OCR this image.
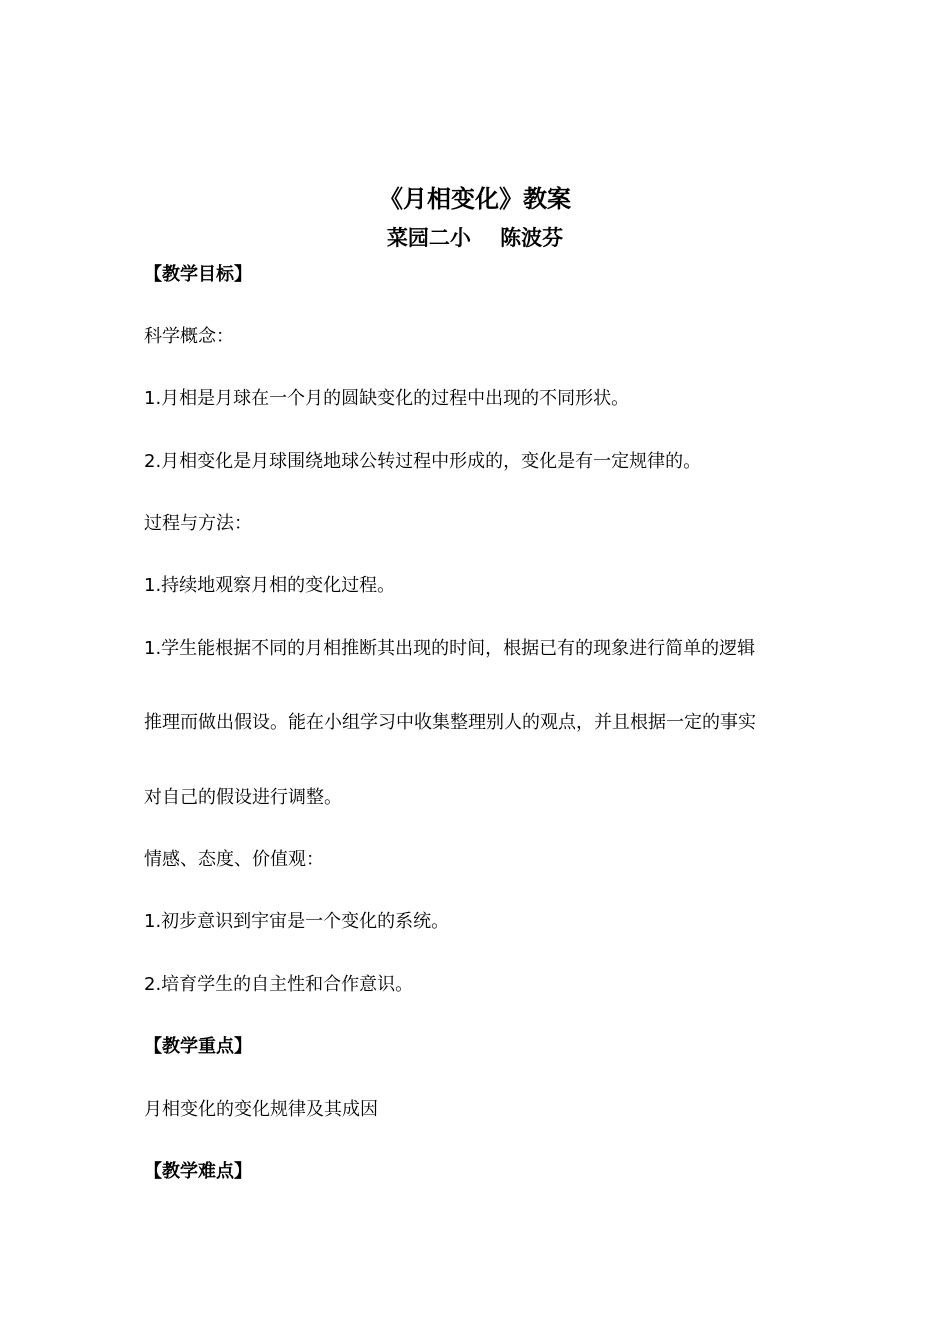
《月相变化》教案
菜园二小    陈波芬
【教学目标】
科学概念：
1.月相是月球在一个月的圆缺变化的过程中出现的不同形状。
2.月相变化是月球围绕地球公转过程中形成的，变化是有一定规律的。
过程与方法：
1.持续地观察月相的变化过程。
1.学生能根据不同的月相推断其出现的时间，根据已有的现象进行简单的逻辑
推理而做出假设。能在小组学习中收集整理别人的观点，并且根据一定的事实
对自己的假设进行调整。
情感、态度、价值观：
1.初步意识到宇宙是一个变化的系统。
2.培育学生的自主性和合作意识。
【教学重点】
月相变化的变化规律及其成因
【教学难点】
